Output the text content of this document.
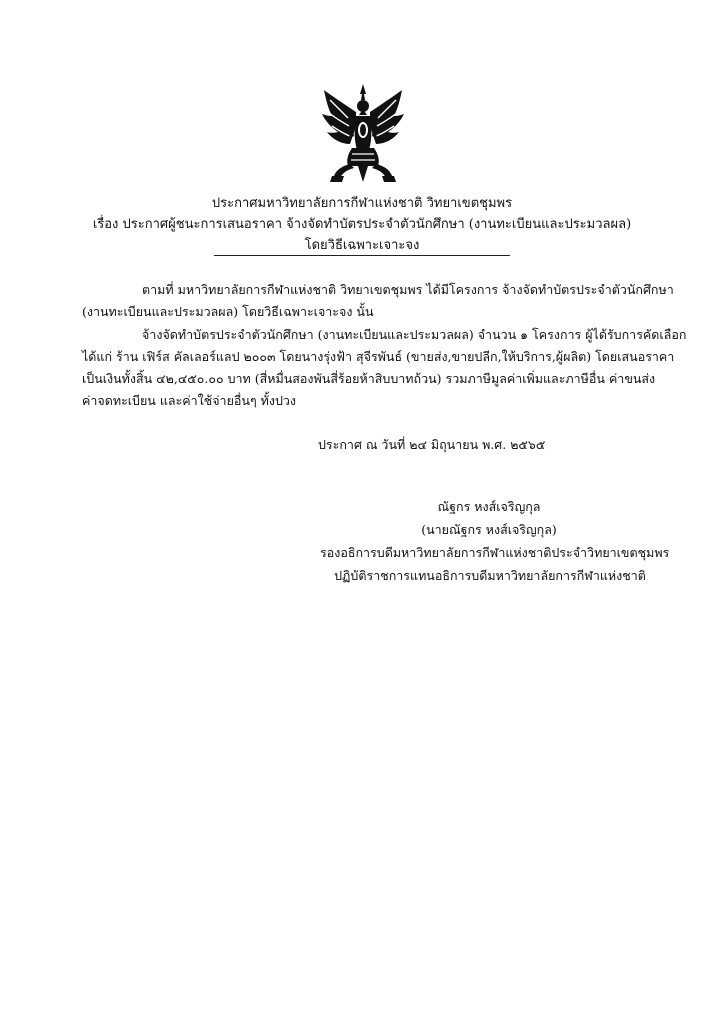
ประกาศมหาวิทยาลัยการกีฬาแห่งชาติ วิทยาเขตชุมพร
เรื่อง ประกาศผู้ชนะการเสนอราคา จ้างจัดทำบัตรประจำตัวนักศึกษา (งานทะเบียนและประมวลผล)
โดยวิธีเฉพาะเจาะจง
ตามที่ มหาวิทยาลัยการกีฬาแห่งชาติ วิทยาเขตชุมพร ได้มีโครงการ จ้างจัดทำบัตรประจำตัวนักศึกษา
(งานทะเบียนและประมวลผล) โดยวิธีเฉพาะเจาะจง นั้น
จ้างจัดทำบัตรประจำตัวนักศึกษา (งานทะเบียนและประมวลผล) จำนวน ๑ โครงการ ผู้ได้รับการคัดเลือก
ได้แก่ ร้าน เฟิร์ส คัลเลอร์แลป ๒๐๐๓ โดยนางรุ่งฟ้า สุจีรพันธ์ (ขายส่ง,ขายปลีก,ให้บริการ,ผู้ผลิต) โดยเสนอราคา
เป็นเงินทั้งสิ้น ๔๒,๔๕๐.๐๐ บาท (สี่หมื่นสองพันสี่ร้อยห้าสิบบาทถ้วน) รวมภาษีมูลค่าเพิ่มและภาษีอื่น ค่าขนส่ง
ค่าจดทะเบียน และค่าใช้จ่ายอื่นๆ ทั้งปวง
ประกาศ ณ วันที่ ๒๔ มิถุนายน พ.ศ. ๒๕๖๕
ณัฐกร หงส์เจริญกุล
(นายณัฐกร หงส์เจริญกุล)
รองอธิการบดีมหาวิทยาลัยการกีฬาแห่งชาติประจำวิทยาเขตชุมพร
ปฏิบัติราชการแทนอธิการบดีมหาวิทยาลัยการกีฬาแห่งชาติ
